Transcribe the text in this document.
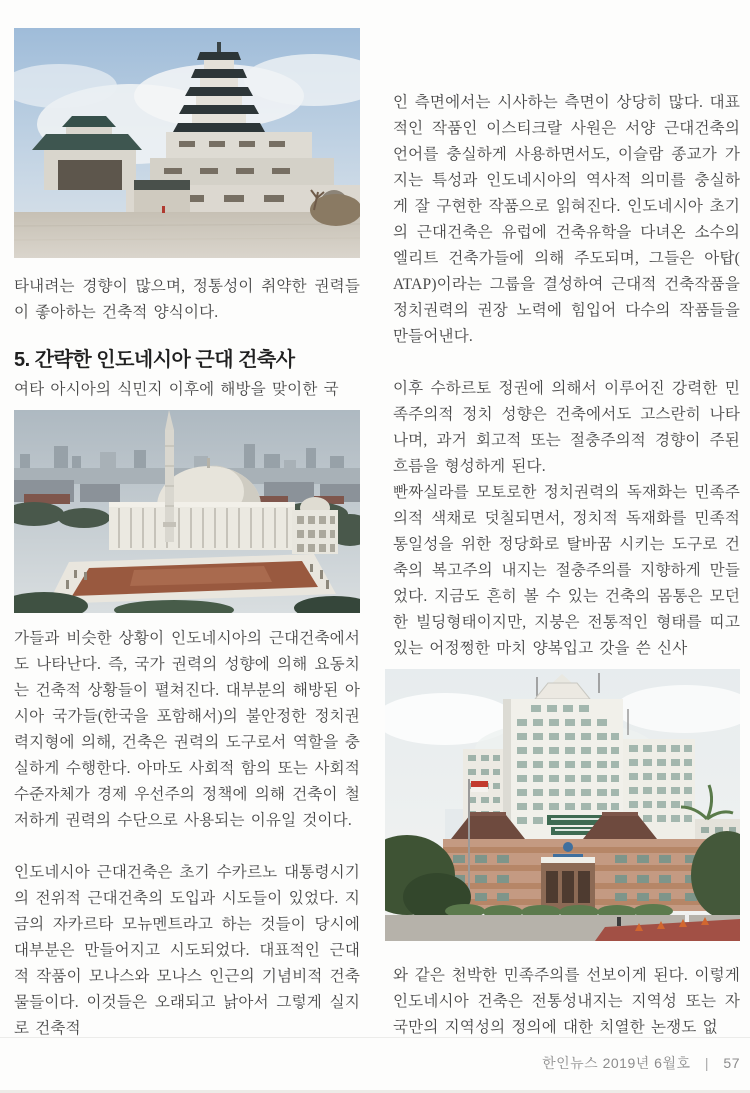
타내려는 경향이 많으며, 정통성이 취약한 권력들이 좋아하는 건축적 양식이다.

5. 간략한 인도네시아 근대 건축사

여타 아시아의 식민지 이후에 해방을 맞이한 국

가들과 비슷한 상황이 인도네시아의 근대건축에서도 나타난다. 즉, 국가 권력의 성향에 의해 요동치는 건축적 상황들이 펼쳐진다. 대부분의 해방된 아시아 국가들(한국을 포함해서)의 불안정한 정치권력지형에 의해, 건축은 권력의 도구로서 역할을 충실하게 수행한다. 아마도 사회적 함의 또는 사회적 수준자체가 경제 우선주의 정책에 의해 건축이 철저하게 권력의 수단으로 사용되는 이유일 것이다.

인도네시아 근대건축은 초기 수카르노 대통령시기의 전위적 근대건축의 도입과 시도들이 있었다. 지금의 자카르타 모뉴멘트라고 하는 것들이 당시에 대부분은 만들어지고 시도되었다. 대표적인 근대적 작품이 모나스와 모나스 인근의 기념비적 건축물들이다. 이것들은 오래되고 낡아서 그렇게 실지로 건축적

인 측면에서는 시사하는 측면이 상당히 많다. 대표적인 작품인 이스티크랄 사원은 서양 근대건축의 언어를 충실하게 사용하면서도, 이슬람 종교가 가지는 특성과 인도네시아의 역사적 의미를 충실하게 잘 구현한 작품으로 읽혀진다. 인도네시아 초기의 근대건축은 유럽에 건축유학을 다녀온 소수의 엘리트 건축가들에 의해 주도되며, 그들은 아탑( ATAP)이라는 그룹을 결성하여 근대적 건축작품을 정치권력의 권장 노력에 힘입어 다수의 작품들을 만들어낸다.

이후 수하르토 정권에 의해서 이루어진 강력한 민족주의적 정치 성향은 건축에서도 고스란히 나타나며, 과거 회고적 또는 절충주의적 경향이 주된 흐름을 형성하게 된다.

빤짜실라를 모토로한 정치권력의 독재화는 민족주의적 색채로 덧칠되면서, 정치적 독재화를 민족적 통일성을 위한 정당화로 탈바꿈 시키는 도구로 건축의 복고주의 내지는 절충주의를 지향하게 만들었다. 지금도 흔히 볼 수 있는 건축의 몸통은 모던한 빌딩형태이지만, 지붕은 전통적인 형태를 띠고 있는 어정쩡한 마치 양복입고 갓을 쓴 신사

와 같은 천박한 민족주의를 선보이게 된다. 이렇게 인도네시아 건축은 전통성내지는 지역성 또는 자국만의 지역성의 정의에 대한 치열한 논쟁도 없

한인뉴스 2019년 6월호 | 57
